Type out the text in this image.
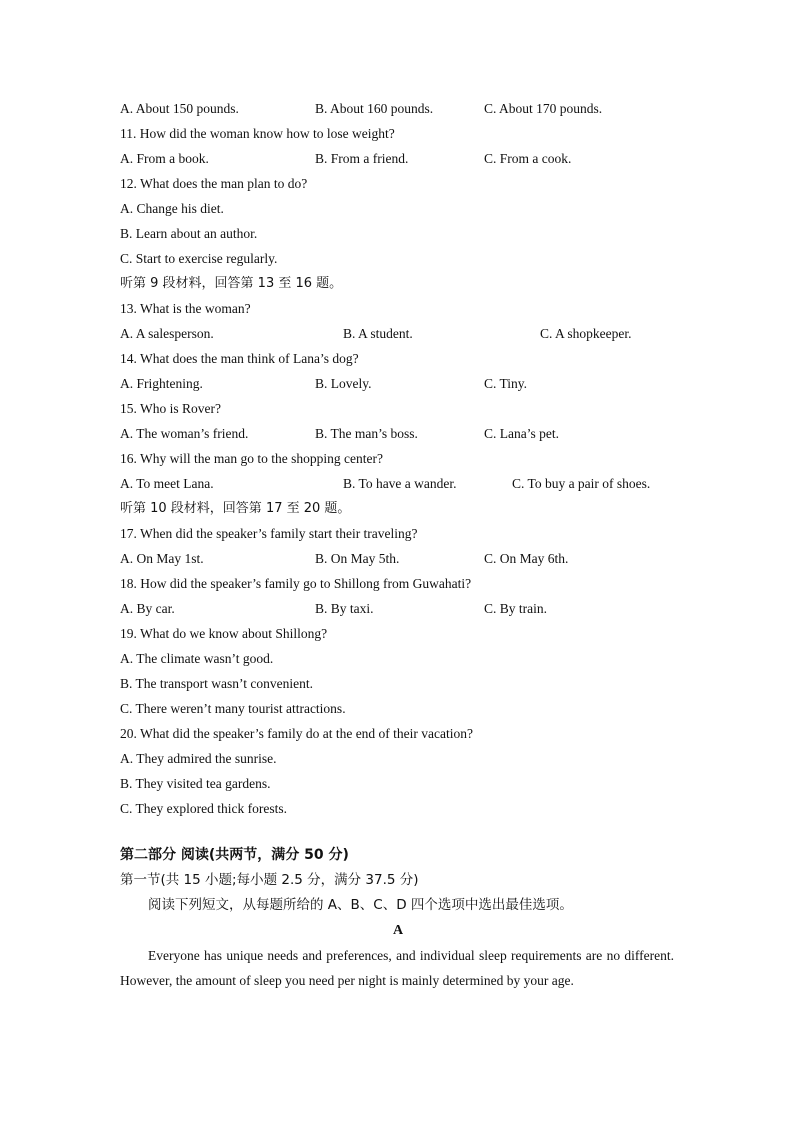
A. About 150 pounds.	B. About 160 pounds.	C. About 170 pounds.
11. How did the woman know how to lose weight?
A. From a book.	B. From a friend.	C. From a cook.
12. What does the man plan to do?
A. Change his diet.
B. Learn about an author.
C. Start to exercise regularly.
听第 9 段材料，回答第 13 至 16 题。
13. What is the woman?
A. A salesperson.	B. A student.	C. A shopkeeper.
14. What does the man think of Lana’s dog?
A. Frightening.	B. Lovely.	C. Tiny.
15. Who is Rover?
A. The woman’s friend.	B. The man’s boss.	C. Lana’s pet.
16. Why will the man go to the shopping center?
A. To meet Lana.	B. To have a wander.	C. To buy a pair of shoes.
听第 10 段材料，回答第 17 至 20 题。
17. When did the speaker’s family start their traveling?
A. On May 1st.	B. On May 5th.	C. On May 6th.
18. How did the speaker’s family go to Shillong from Guwahati?
A. By car.	B. By taxi.	C. By train.
19. What do we know about Shillong?
A. The climate wasn’t good.
B. The transport wasn’t convenient.
C. There weren’t many tourist attractions.
20. What did the speaker’s family do at the end of their vacation?
A. They admired the sunrise.
B. They visited tea gardens.
C. They explored thick forests.
第二部分 阅读(共两节，满分 50 分)
第一节(共 15 小题;每小题 2.5 分，满分 37.5 分)
阅读下列短文，从每题所给的 A、B、C、D 四个选项中选出最佳选项。
A
Everyone has unique needs and preferences, and individual sleep requirements are no different. However, the amount of sleep you need per night is mainly determined by your age.
